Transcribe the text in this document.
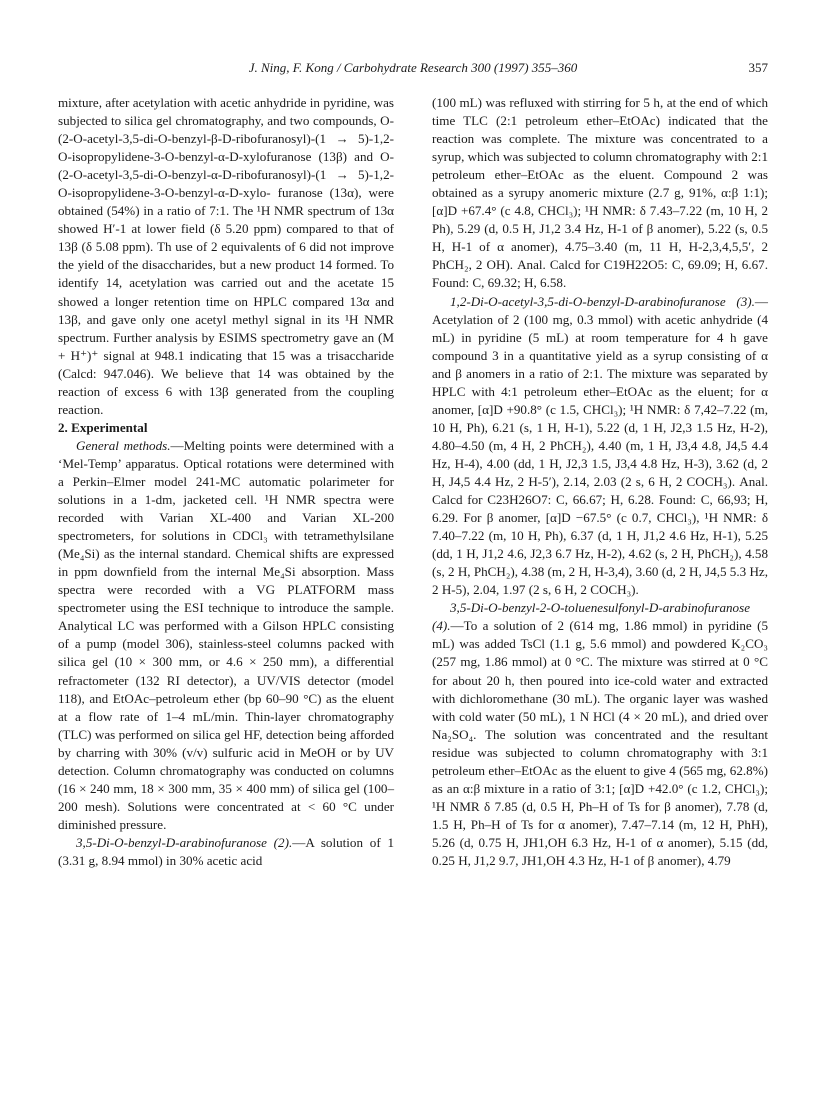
J. Ning, F. Kong / Carbohydrate Research 300 (1997) 355–360	357

mixture, after acetylation with acetic anhydride in pyridine, was subjected to silica gel chromatography, and two compounds, O-(2-O-acetyl-3,5-di-O-benzyl-β-D-ribofuranosyl)-(1 → 5)-1,2-O-isopropylidene-3-O-benzyl-α-D-xylofuranose (13β) and O-(2-O-acetyl-3,5-di-O-benzyl-α-D-ribofuranosyl)-(1 → 5)-1,2-O-isopropylidene-3-O-benzyl-α-D-xylo- furanose (13α), were obtained (54%) in a ratio of 7:1. The ¹H NMR spectrum of 13α showed H′-1 at lower field (δ 5.20 ppm) compared to that of 13β (δ 5.08 ppm). Th use of 2 equivalents of 6 did not improve the yield of the disaccharides, but a new product 14 formed. To identify 14, acetylation was carried out and the acetate 15 showed a longer retention time on HPLC compared 13α and 13β, and gave only one acetyl methyl signal in its ¹H NMR spectrum. Further analysis by ESIMS spectrometry gave an (M + H⁺)⁺ signal at 948.1 indicating that 15 was a trisaccharide (Calcd: 947.046). We believe that 14 was obtained by the reaction of excess 6 with 13β generated from the coupling reaction.

2. Experimental

General methods.—Melting points were determined with a ‘Mel-Temp’ apparatus. Optical rotations were determined with a Perkin–Elmer model 241-MC automatic polarimeter for solutions in a 1-dm, jacketed cell. ¹H NMR spectra were recorded with Varian XL-400 and Varian XL-200 spectrometers, for solutions in CDCl₃ with tetramethylsilane (Me₄Si) as the internal standard. Chemical shifts are expressed in ppm downfield from the internal Me₄Si absorption. Mass spectra were recorded with a VG PLATFORM mass spectrometer using the ESI technique to introduce the sample. Analytical LC was performed with a Gilson HPLC consisting of a pump (model 306), stainless-steel columns packed with silica gel (10 × 300 mm, or 4.6 × 250 mm), a differential refractometer (132 RI detector), a UV/VIS detector (model 118), and EtOAc–petroleum ether (bp 60–90 °C) as the eluent at a flow rate of 1–4 mL/min. Thin-layer chromatography (TLC) was performed on silica gel HF, detection being afforded by charring with 30% (v/v) sulfuric acid in MeOH or by UV detection. Column chromatography was conducted on columns (16 × 240 mm, 18 × 300 mm, 35 × 400 mm) of silica gel (100–200 mesh). Solutions were concentrated at < 60 °C under diminished pressure.

3,5-Di-O-benzyl-D-arabinofuranose (2).—A solution of 1 (3.31 g, 8.94 mmol) in 30% acetic acid

(100 mL) was refluxed with stirring for 5 h, at the end of which time TLC (2:1 petroleum ether–EtOAc) indicated that the reaction was complete. The mixture was concentrated to a syrup, which was subjected to column chromatography with 2:1 petroleum ether–EtOAc as the eluent. Compound 2 was obtained as a syrupy anomeric mixture (2.7 g, 91%, α:β 1:1); [α]D +67.4° (c 4.8, CHCl₃); ¹H NMR: δ 7.43–7.22 (m, 10 H, 2 Ph), 5.29 (d, 0.5 H, J1,2 3.4 Hz, H-1 of β anomer), 5.22 (s, 0.5 H, H-1 of α anomer), 4.75–3.40 (m, 11 H, H-2,3,4,5,5′, 2 PhCH₂, 2 OH). Anal. Calcd for C19H22O5: C, 69.09; H, 6.67. Found: C, 69.32; H, 6.58.

1,2-Di-O-acetyl-3,5-di-O-benzyl-D-arabinofuranose (3).—Acetylation of 2 (100 mg, 0.3 mmol) with acetic anhydride (4 mL) in pyridine (5 mL) at room temperature for 4 h gave compound 3 in a quantitative yield as a syrup consisting of α and β anomers in a ratio of 2:1. The mixture was separated by HPLC with 4:1 petroleum ether–EtOAc as the eluent; for α anomer, [α]D +90.8° (c 1.5, CHCl₃); ¹H NMR: δ 7,42–7.22 (m, 10 H, Ph), 6.21 (s, 1 H, H-1), 5.22 (d, 1 H, J2,3 1.5 Hz, H-2), 4.80–4.50 (m, 4 H, 2 PhCH₂), 4.40 (m, 1 H, J3,4 4.8, J4,5 4.4 Hz, H-4), 4.00 (dd, 1 H, J2,3 1.5, J3,4 4.8 Hz, H-3), 3.62 (d, 2 H, J4,5 4.4 Hz, 2 H-5′), 2.14, 2.03 (2 s, 6 H, 2 COCH₃). Anal. Calcd for C23H26O7: C, 66.67; H, 6.28. Found: C, 66,93; H, 6.29. For β anomer, [α]D −67.5° (c 0.7, CHCl₃), ¹H NMR: δ 7.40–7.22 (m, 10 H, Ph), 6.37 (d, 1 H, J1,2 4.6 Hz, H-1), 5.25 (dd, 1 H, J1,2 4.6, J2,3 6.7 Hz, H-2), 4.62 (s, 2 H, PhCH₂), 4.58 (s, 2 H, PhCH₂), 4.38 (m, 2 H, H-3,4), 3.60 (d, 2 H, J4,5 5.3 Hz, 2 H-5), 2.04, 1.97 (2 s, 6 H, 2 COCH₃).

3,5-Di-O-benzyl-2-O-toluenesulfonyl-D-arabinofuranose (4).—To a solution of 2 (614 mg, 1.86 mmol) in pyridine (5 mL) was added TsCl (1.1 g, 5.6 mmol) and powdered K₂CO₃ (257 mg, 1.86 mmol) at 0 °C. The mixture was stirred at 0 °C for about 20 h, then poured into ice-cold water and extracted with dichloromethane (30 mL). The organic layer was washed with cold water (50 mL), 1 N HCl (4 × 20 mL), and dried over Na₂SO₄. The solution was concentrated and the resultant residue was subjected to column chromatography with 3:1 petroleum ether–EtOAc as the eluent to give 4 (565 mg, 62.8%) as an α:β mixture in a ratio of 3:1; [α]D +42.0° (c 1.2, CHCl₃); ¹H NMR δ 7.85 (d, 0.5 H, Ph–H of Ts for β anomer), 7.78 (d, 1.5 H, Ph–H of Ts for α anomer), 7.47–7.14 (m, 12 H, PhH), 5.26 (d, 0.75 H, JH1,OH 6.3 Hz, H-1 of α anomer), 5.15 (dd, 0.25 H, J1,2 9.7, JH1,OH 4.3 Hz, H-1 of β anomer), 4.79
